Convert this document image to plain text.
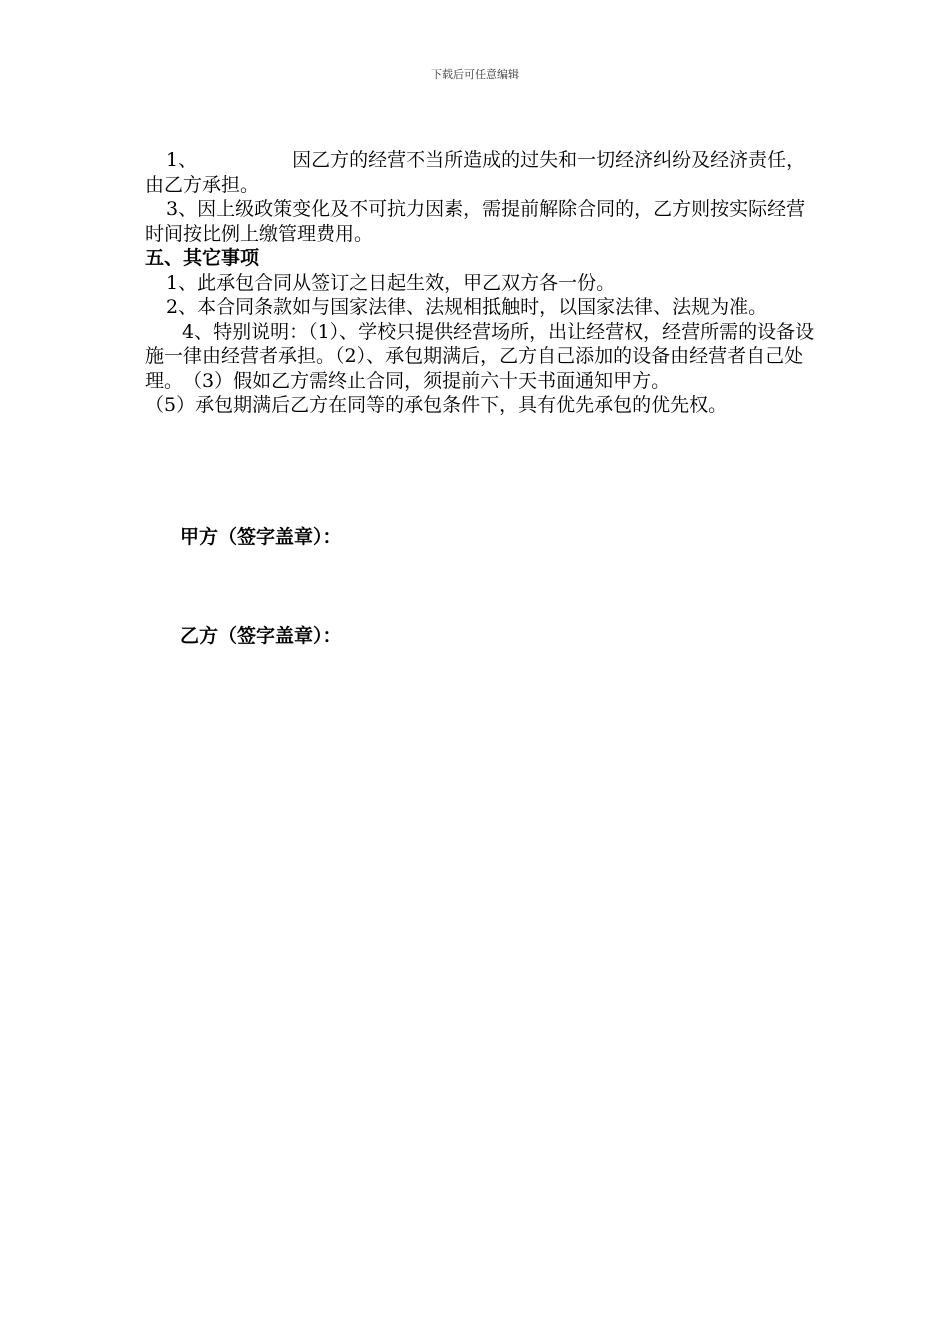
下载后可任意编辑

1、	因乙方的经营不当所造成的过失和一切经济纠纷及经济责任，由乙方承担。

3、因上级政策变化及不可抗力因素，需提前解除合同的，乙方则按实际经营时间按比例上缴管理费用。

五、其它事项

1、此承包合同从签订之日起生效，甲乙双方各一份。

2、本合同条款如与国家法律、法规相抵触时，以国家法律、法规为准。

4、特别说明：（1）、学校只提供经营场所，出让经营权，经营所需的设备设施一律由经营者承担。（2）、承包期满后，乙方自己添加的设备由经营者自己处理。　（3）假如乙方需终止合同，须提前六十天书面通知甲方。

（5）承包期满后乙方在同等的承包条件下，具有优先承包的优先权。

甲方（签字盖章）：
乙方（签字盖章）：
